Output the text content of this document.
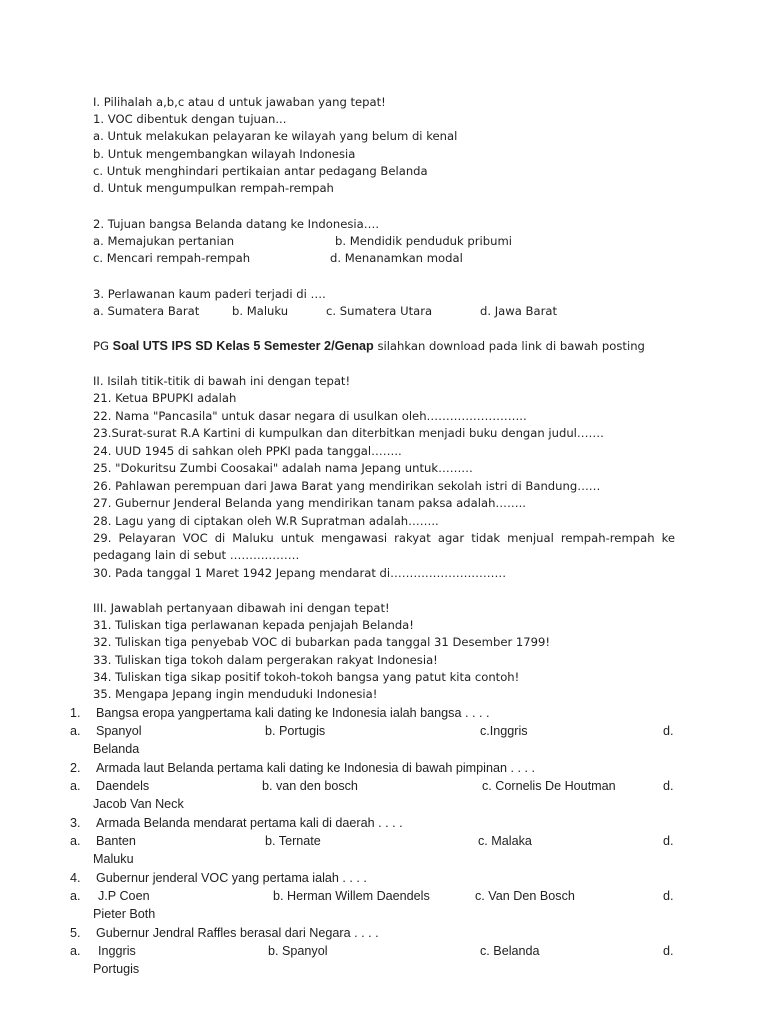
I. Pilihalah a,b,c atau d untuk jawaban yang tepat!
1. VOC dibentuk dengan tujuan...
a. Untuk melakukan pelayaran ke wilayah yang belum di kenal
b. Untuk mengembangkan wilayah Indonesia
c. Untuk menghindari pertikaian antar pedagang Belanda
d. Untuk mengumpulkan rempah-rempah
2. Tujuan bangsa Belanda datang ke Indonesia….
a. Memajukan pertanian	b. Mendidik penduduk pribumi
c. Mencari rempah-rempah	d. Menanamkan modal
3. Perlawanan kaum paderi terjadi di ….
a. Sumatera Barat	b. Maluku	c. Sumatera Utara	d. Jawa Barat
PG Soal UTS IPS SD Kelas 5 Semester 2/Genap silahkan download pada link di bawah posting
II. Isilah titik-titik di bawah ini dengan tepat!
21. Ketua BPUPKI adalah
22. Nama "Pancasila" untuk dasar negara di usulkan oleh……………………..
23.Surat-surat R.A Kartini di kumpulkan dan diterbitkan menjadi buku dengan judul…….
24. UUD 1945 di sahkan oleh PPKI pada tanggal……..
25. "Dokuritsu Zumbi Coosakai" adalah nama Jepang untuk………
26. Pahlawan perempuan dari Jawa Barat yang mendirikan sekolah istri di Bandung……
27. Gubernur Jenderal Belanda yang mendirikan tanam paksa adalah……..
28. Lagu yang di ciptakan oleh W.R Supratman adalah……..
29. Pelayaran VOC di Maluku untuk mengawasi rakyat agar tidak menjual rempah-rempah ke
pedagang lain di sebut ………………
30. Pada tanggal 1 Maret 1942 Jepang mendarat di…………………………
III. Jawablah pertanyaan dibawah ini dengan tepat!
31. Tuliskan tiga perlawanan kepada penjajah Belanda!
32. Tuliskan tiga penyebab VOC di bubarkan pada tanggal 31 Desember 1799!
33. Tuliskan tiga tokoh dalam pergerakan rakyat Indonesia!
34. Tuliskan tiga sikap positif tokoh-tokoh bangsa yang patut kita contoh!
35. Mengapa Jepang ingin menduduki Indonesia!
1. Bangsa eropa yangpertama kali dating ke Indonesia ialah bangsa . . . .
a. Spanyol	b. Portugis	c.Inggris	d.
Belanda
2. Armada laut Belanda pertama kali dating ke Indonesia di bawah pimpinan . . . .
a. Daendels	b. van den bosch	c. Cornelis De Houtman	d.
Jacob Van Neck
3. Armada Belanda mendarat pertama kali di daerah . . . .
a. Banten	b. Ternate	c. Malaka	d.
Maluku
4. Gubernur jenderal VOC yang pertama ialah . . . .
a. J.P Coen	b. Herman Willem Daendels	c. Van Den Bosch	d.
Pieter Both
5. Gubernur Jendral Raffles berasal dari Negara . . . .
a. Inggris	b. Spanyol	c. Belanda	d.
Portugis
